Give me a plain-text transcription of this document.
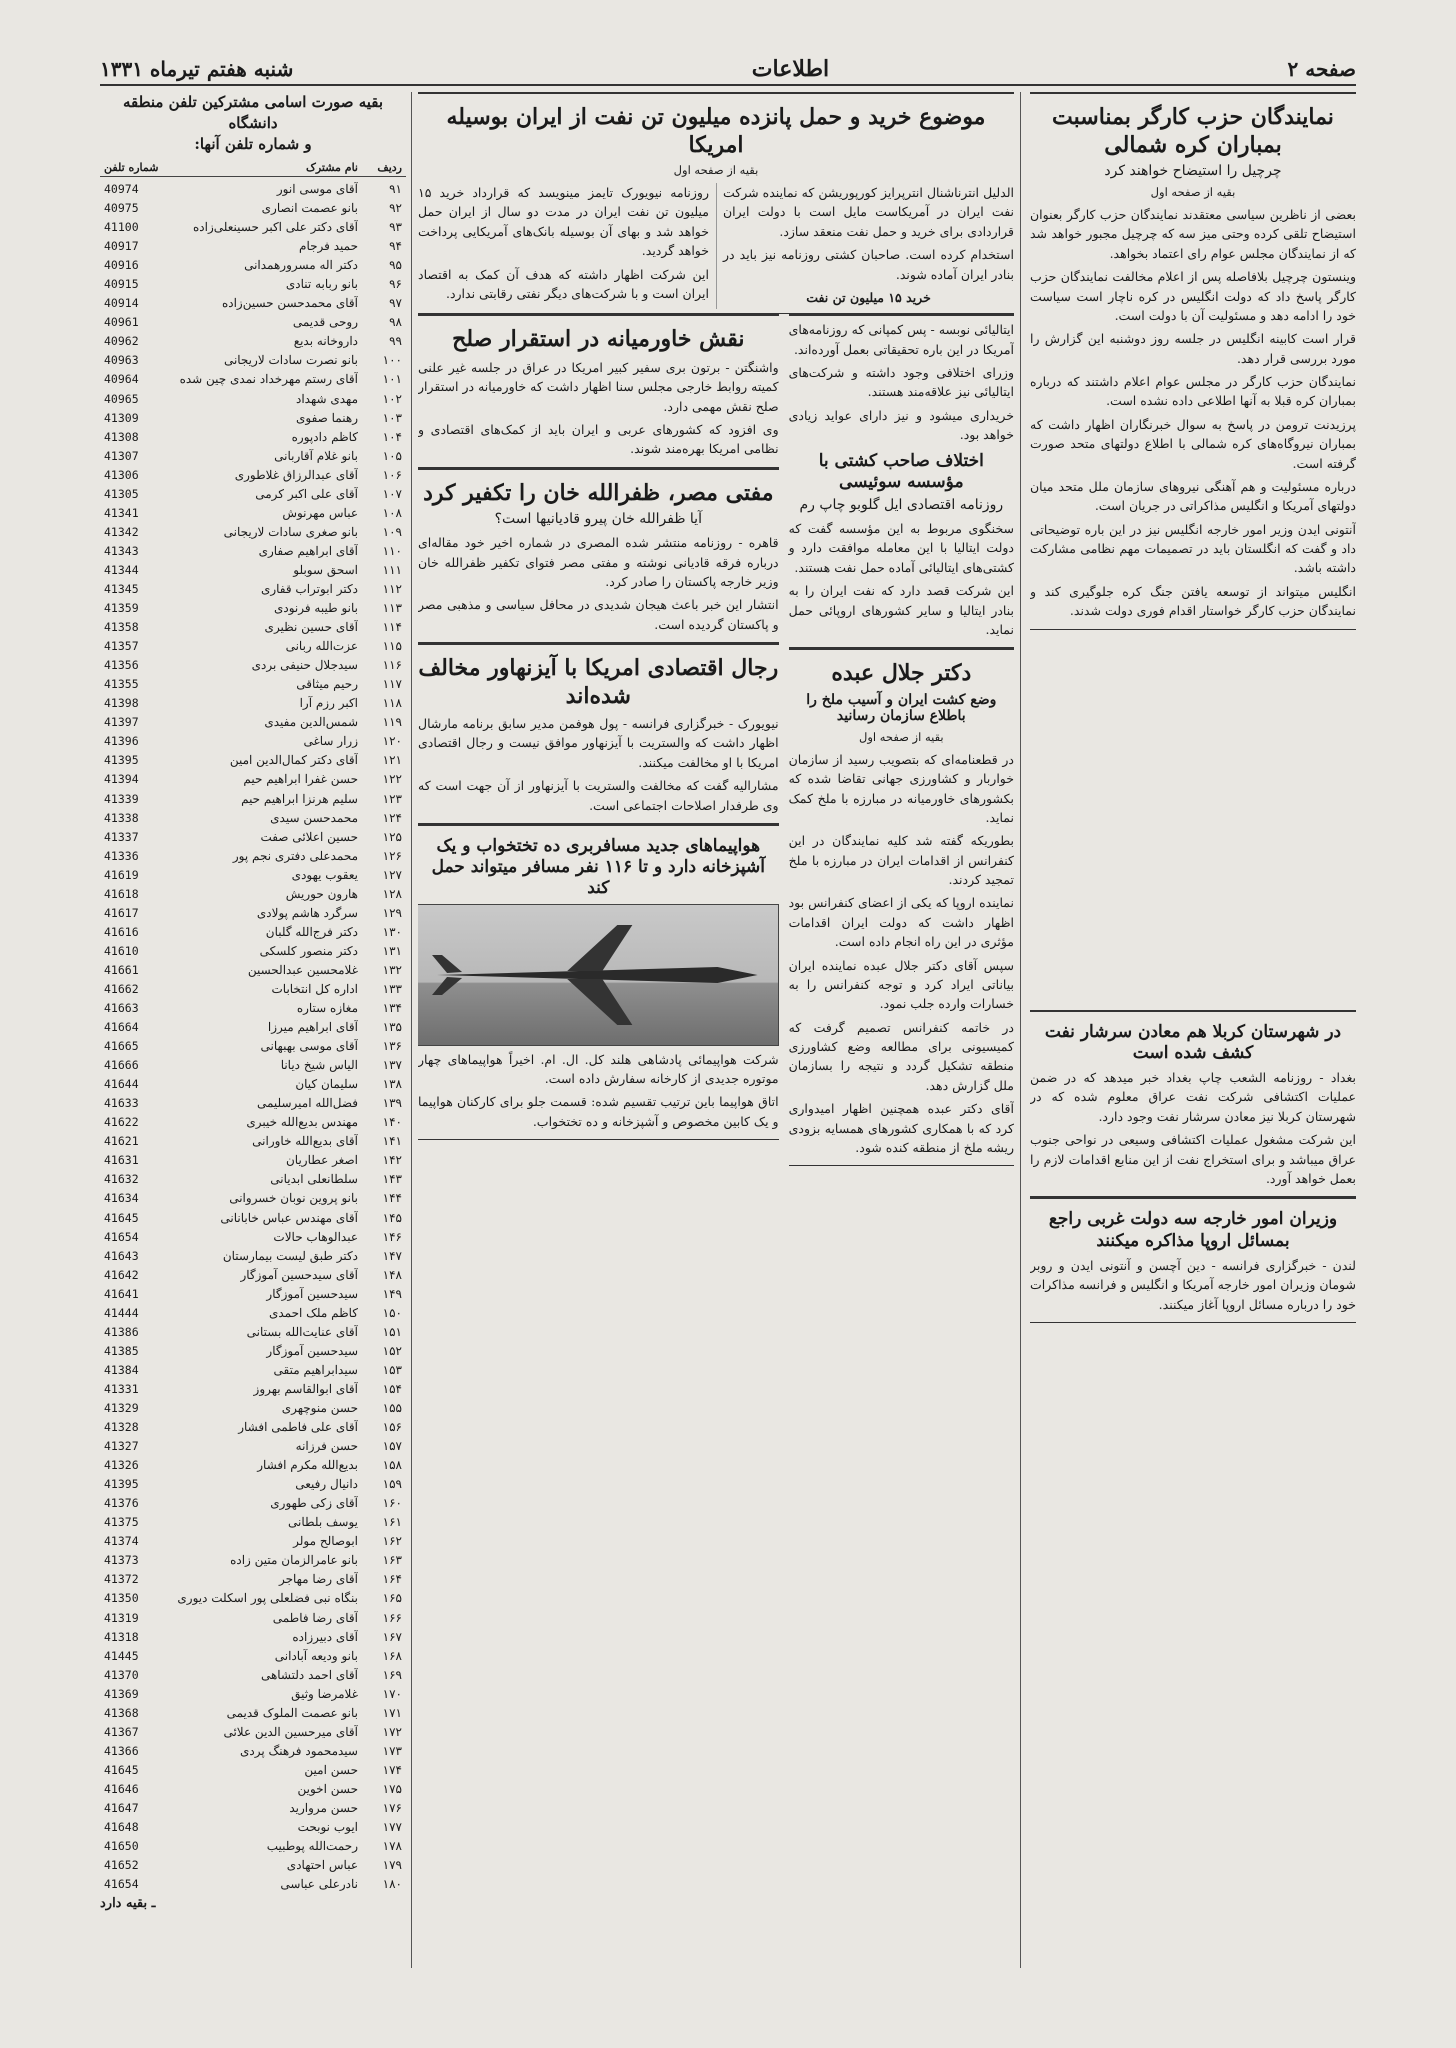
صفحه ۲
اطلاعات
شنبه هفتم تیرماه ۱۳۳۱
نمایندگان حزب کارگر بمناسبت بمباران کره شمالی
چرچیل را استیضاح خواهند کرد
بقیه از صفحه اول

بعضی از ناظرین سیاسی معتقدند نمایندگان حزب کارگر بعنوان استیضاح تلقی کرده وحتی میز سه که چرچیل مجبور خواهد شد که از نمایندگان مجلس عوام رای اعتماد بخواهد.

وینستون چرچیل بلافاصله پس از اعلام مخالفت نمایندگان حزب کارگر پاسخ داد که دولت انگلیس در کره ناچار است سیاست خود را ادامه دهد و مسئولیت آن با دولت است.

قرار است کابینه انگلیس در جلسه روز دوشنبه این گزارش را مورد بررسی قرار دهد.

نمایندگان حزب کارگر در مجلس عوام اعلام داشتند که درباره بمباران کره قبلا به آنها اطلاعی داده نشده است.

پرزیدنت ترومن در پاسخ به سوال خبرنگاران اظهار داشت که بمباران نیروگاه‌های کره شمالی با اطلاع دولتهای متحد صورت گرفته است.

درباره مسئولیت و هم آهنگی نیروهای سازمان ملل متحد میان دولتهای آمریکا و انگلیس مذاکراتی در جریان است.

آنتونی ایدن وزیر امور خارجه انگلیس نیز در این باره توضیحاتی داد و گفت که انگلستان باید در تصمیمات مهم نظامی مشارکت داشته باشد.

انگلیس میتواند از توسعه یافتن جنگ کره جلوگیری کند و نمایندگان حزب کارگر خواستار اقدام فوری دولت شدند.

در شهرستان کربلا هم معادن سرشار نفت کشف شده است

بغداد - روزنامه الشعب چاپ بغداد خبر میدهد که در ضمن عملیات اکتشافی شرکت نفت عراق معلوم شده که در شهرستان کربلا نیز معادن سرشار نفت وجود دارد.

این شرکت مشغول عملیات اکتشافی وسیعی در نواحی جنوب عراق میباشد و برای استخراج نفت از این منابع اقدامات لازم را بعمل خواهد آورد.

وزیران امور خارجه سه دولت غربی راجع بمسائل اروپا مذاکره میکنند

لندن - خبرگزاری فرانسه - دین آچسن و آنتونی ایدن و روبر شومان وزیران امور خارجه آمریکا و انگلیس و فرانسه مذاکرات خود را درباره مسائل اروپا آغاز میکنند.

موضوع خرید و حمل پانزده میلیون تن نفت از ایران بوسیله امریکا
بقیه از صفحه اول

الدلیل انترناشنال انترپرایز کورپوریشن که نماینده شرکت نفت ایران در آمریکاست مایل است با دولت ایران قراردادی برای خرید و حمل نفت منعقد سازد.

استخدام کرده است. صاحبان کشتی روزنامه نیز باید در بنادر ایران آماده شوند.

خرید ۱۵ میلیون تن نفت

روزنامه نیویورک تایمز مینویسد که قرارداد خرید ۱۵ میلیون تن نفت ایران در مدت دو سال از ایران حمل خواهد شد و بهای آن بوسیله بانک‌های آمریکایی پرداخت خواهد گردید.

این شرکت اظهار داشته که هدف آن کمک به اقتصاد ایران است و با شرکت‌های دیگر نفتی رقابتی ندارد.

ایتالیائی نوبسه - پس کمپانی که روزنامه‌های آمریکا در این باره تحقیقاتی بعمل آورده‌اند.

وزرای اختلافی وجود داشته و شرکت‌های ایتالیائی نیز علاقه‌مند هستند.

خریداری میشود و نیز دارای عواید زیادی خواهد بود.

اختلاف صاحب کشتی با مؤسسه سوئیسی
روزنامه اقتصادی ایل گلوبو چاپ رم

سخنگوی مربوط به این مؤسسه گفت که دولت ایتالیا با این معامله موافقت دارد و کشتی‌های ایتالیائی آماده حمل نفت هستند.

این شرکت قصد دارد که نفت ایران را به بنادر ایتالیا و سایر کشورهای اروپائی حمل نماید.

دکتر جلال عبده
وضع کشت ایران و آسیب ملخ را باطلاع سازمان رسانید
بقیه از صفحه اول

در قطعنامه‌ای که بتصویب رسید از سازمان خواربار و کشاورزی جهانی تقاضا شده که بکشورهای خاورمیانه در مبارزه با ملخ کمک نماید.

بطوریکه گفته شد کلیه نمایندگان در این کنفرانس از اقدامات ایران در مبارزه با ملخ تمجید کردند.

نماینده اروپا که یکی از اعضای کنفرانس بود اظهار داشت که دولت ایران اقدامات مؤثری در این راه انجام داده است.

سپس آقای دکتر جلال عبده نماینده ایران بیاناتی ایراد کرد و توجه کنفرانس را به خسارات وارده جلب نمود.

در خاتمه کنفرانس تصمیم گرفت که کمیسیونی برای مطالعه وضع کشاورزی منطقه تشکیل گردد و نتیجه را بسازمان ملل گزارش دهد.

آقای دکتر عبده همچنین اظهار امیدواری کرد که با همکاری کشورهای همسایه بزودی ریشه ملخ از منطقه کنده شود.

نقش خاورمیانه در استقرار صلح

واشنگتن - برتون بری سفیر کبیر امریکا در عراق در جلسه غیر علنی کمیته روابط خارجی مجلس سنا اظهار داشت که خاورمیانه در استقرار صلح نقش مهمی دارد.

وی افزود که کشورهای عربی و ایران باید از کمک‌های اقتصادی و نظامی امریکا بهره‌مند شوند.

مفتی مصر، ظفرالله خان را تکفیر کرد
آیا ظفرالله خان پیرو قادیانیها است؟

قاهره - روزنامه منتشر شده المصری در شماره اخیر خود مقاله‌ای درباره فرقه قادیانی نوشته و مفتی مصر فتوای تکفیر ظفرالله خان وزیر خارجه پاکستان را صادر کرد.

انتشار این خبر باعث هیجان شدیدی در محافل سیاسی و مذهبی مصر و پاکستان گردیده است.

رجال اقتصادی امریکا با آیزنهاور مخالف شده‌اند

نیویورک - خبرگزاری فرانسه - پول هوفمن مدیر سابق برنامه مارشال اظهار داشت که والستریت با آیزنهاور موافق نیست و رجال اقتصادی امریکا با او مخالفت میکنند.

مشارالیه گفت که مخالفت والستریت با آیزنهاور از آن جهت است که وی طرفدار اصلاحات اجتماعی است.

هواپیماهای جدید مسافربری ده تختخواب و یک آشپزخانه دارد و تا ۱۱۶ نفر مسافر میتواند حمل کند

شرکت هواپیمائی پادشاهی هلند کل. ال. ام. اخیراً هواپیماهای چهار موتوره جدیدی از کارخانه سفارش داده است.

اتاق هواپیما باین ترتیب تقسیم شده: قسمت جلو برای کارکنان هواپیما و یک کابین مخصوص و آشپزخانه و ده تختخواب.

بقیه صورت اسامی مشترکین تلفن منطقه دانشگاه
و شماره تلفن آنها:
ردیف
نام مشترک
شماره تلفن
۹۱
آقای موسی انور
40974
۹۲
بانو عصمت انصاری
40975
۹۳
آقای دکتر علی اکبر حسینعلی‌زاده
41100
۹۴
حمید فرجام
40917
۹۵
دکتر اله مسرورهمدانی
40916
۹۶
بانو ربابه تنادی
40915
۹۷
آقای محمدحسن حسین‌زاده
40914
۹۸
روحی قدیمی
40961
۹۹
داروخانه بدیع
40962
۱۰۰
بانو نصرت سادات لاریجانی
40963
۱۰۱
آقای رستم مهرخداد نمدی چین شده
40964
۱۰۲
مهدی شهداد
40965
۱۰۳
رهنما صفوی
41309
۱۰۴
کاظم دادپوره
41308
۱۰۵
بانو غلام آقاربانی
41307
۱۰۶
آقای عبدالرزاق غلاطوری
41306
۱۰۷
آقای علی اکبر کرمی
41305
۱۰۸
عباس مهرنوش
41341
۱۰۹
بانو صغری سادات لاریجانی
41342
۱۱۰
آقای ابراهیم صفاری
41343
۱۱۱
اسحق سوبلو
41344
۱۱۲
دکتر ابوتراب قفاری
41345
۱۱۳
بانو طیبه فرنودی
41359
۱۱۴
آقای حسین نظیری
41358
۱۱۵
عزت‌الله ربانی
41357
۱۱۶
سیدجلال حنیفی بردی
41356
۱۱۷
رحیم میثاقی
41355
۱۱۸
اکبر رزم آرا
41398
۱۱۹
شمس‌الدین مفیدی
41397
۱۲۰
زرار ساغی
41396
۱۲۱
آقای دکتر کمال‌الدین امین
41395
۱۲۲
حسن غفرا ابراهیم حیم
41394
۱۲۳
سلیم هرنزا ابراهیم حیم
41339
۱۲۴
محمدحسن سیدی
41338
۱۲۵
حسین اعلائی صفت
41337
۱۲۶
محمدعلی دفتری نجم پور
41336
۱۲۷
یعقوب یهودی
41619
۱۲۸
هارون حوریش
41618
۱۲۹
سرگرد هاشم پولادی
41617
۱۳۰
دکتر فرج‌الله گلبان
41616
۱۳۱
دکتر منصور کلسکی
41610
۱۳۲
غلامحسین عبدالحسین
41661
۱۳۳
اداره کل انتخابات
41662
۱۳۴
مغازه ستاره
41663
۱۳۵
آقای ابراهیم میرزا
41664
۱۳۶
آقای موسی بهبهانی
41665
۱۳۷
الیاس شیخ دیانا
41666
۱۳۸
سلیمان کیان
41644
۱۳۹
فضل‌الله امیرسلیمی
41633
۱۴۰
مهندس بدیع‌الله خیبری
41622
۱۴۱
آقای بدیع‌الله خاورانی
41621
۱۴۲
اصغر عطاریان
41631
۱۴۳
سلطانعلی ابدیانی
41632
۱۴۴
بانو پروین نوبان خسروانی
41634
۱۴۵
آقای مهندس عباس خابانانی
41645
۱۴۶
عبدالوهاب حالات
41654
۱۴۷
دکتر طبق لیست بیمارستان
41643
۱۴۸
آقای سیدحسین آموزگار
41642
۱۴۹
سیدحسین آموزگار
41641
۱۵۰
کاظم ملک احمدی
41444
۱۵۱
آقای عنایت‌الله بستانی
41386
۱۵۲
سیدحسین آموزگار
41385
۱۵۳
سیدابراهیم متقی
41384
۱۵۴
آقای ابوالقاسم بهروز
41331
۱۵۵
حسن منوچهری
41329
۱۵۶
آقای علی فاطمی افشار
41328
۱۵۷
حسن فرزانه
41327
۱۵۸
بدیع‌الله مکرم افشار
41326
۱۵۹
دانیال رفیعی
41395
۱۶۰
آقای زکی طهوری
41376
۱۶۱
یوسف بلطانی
41375
۱۶۲
ابوصالح مولر
41374
۱۶۳
بانو عامرالزمان متین زاده
41373
۱۶۴
آقای رضا مهاجر
41372
۱۶۵
بنگاه نبی فضلعلی پور اسکلت دیوری
41350
۱۶۶
آقای رضا فاطمی
41319
۱۶۷
آقای دبیرزاده
41318
۱۶۸
بانو ودیعه آبادانی
41445
۱۶۹
آقای احمد دلتشاهی
41370
۱۷۰
غلامرضا وثیق
41369
۱۷۱
بانو عصمت الملوک قدیمی
41368
۱۷۲
آقای میرحسین الدین علائی
41367
۱۷۳
سیدمحمود فرهنگ پردی
41366
۱۷۴
حسن امین
41645
۱۷۵
حسن اخوین
41646
۱۷۶
حسن مروارید
41647
۱۷۷
ایوب نوبحت
41648
۱۷۸
رحمت‌الله پوطبیب
41650
۱۷۹
عباس احتهادی
41652
۱۸۰
نادرعلی عباسی
41654
ـ بقیه دارد
